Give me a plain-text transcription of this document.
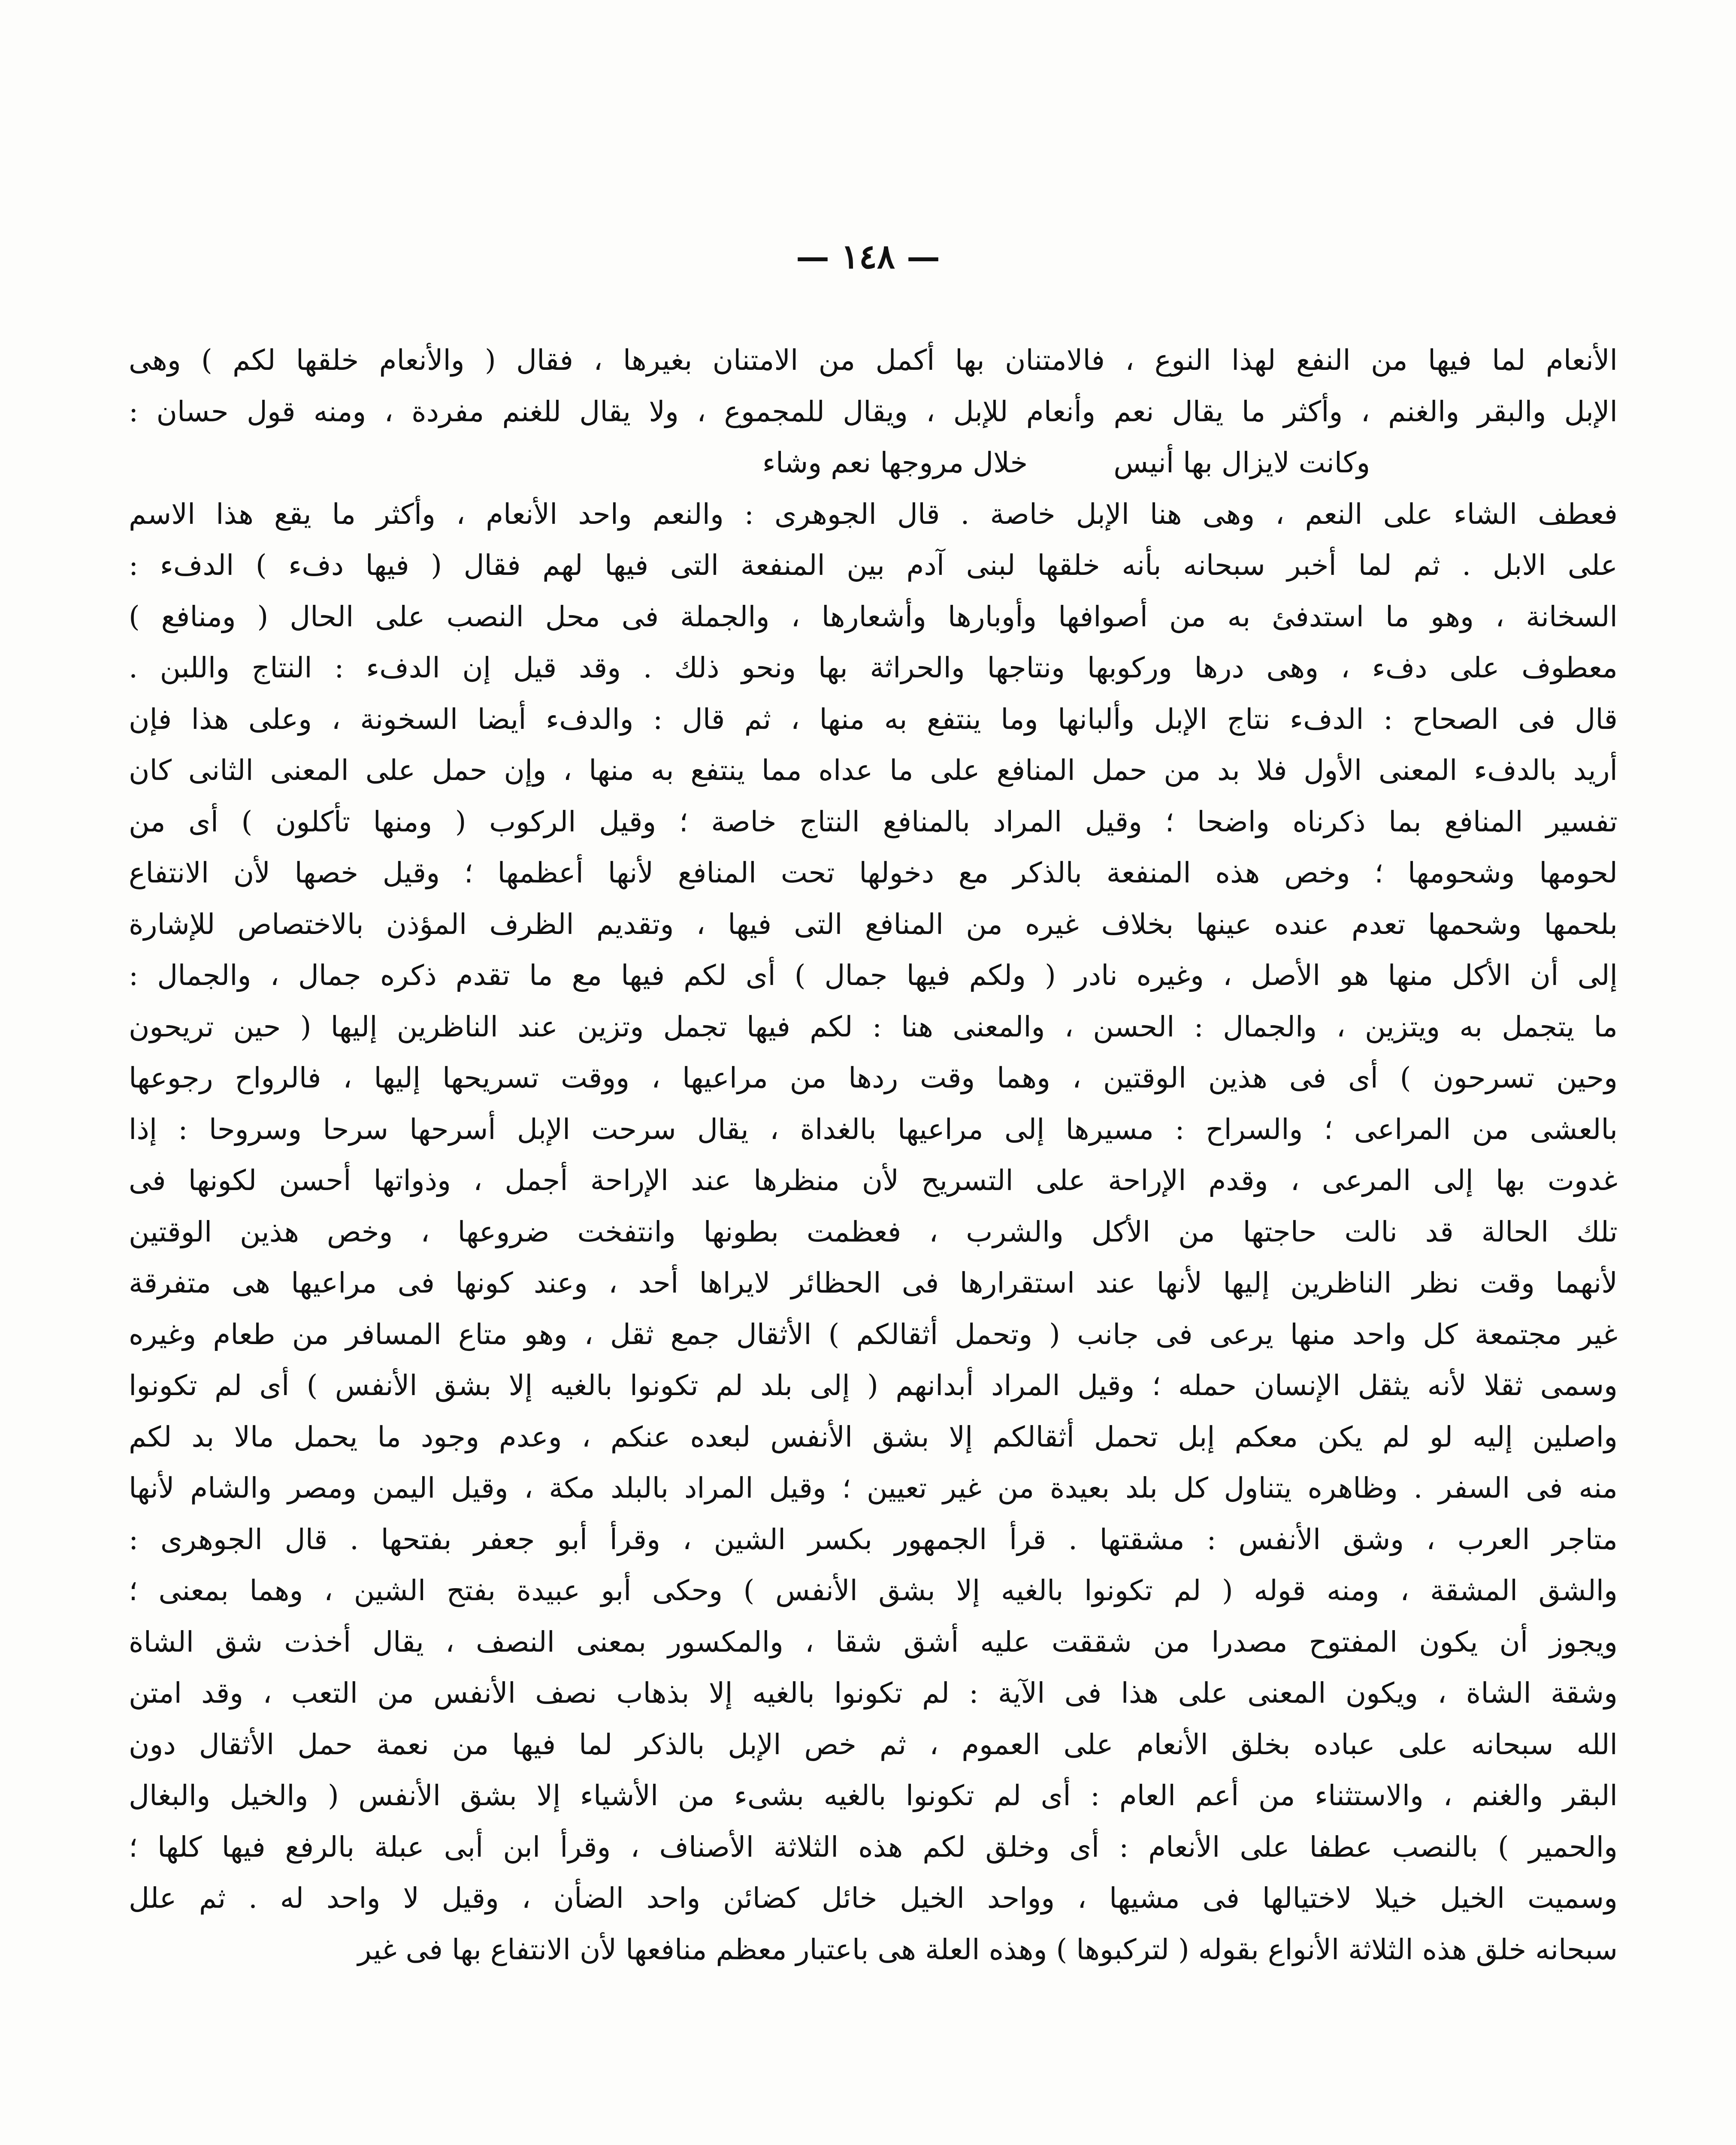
— ١٤٨ —
الأنعام لما فيها من النفع لهذا النوع ، فالامتنان بها أكمل من الامتنان بغيرها ، فقال ( والأنعام خلقها لكم ) وهى
الإبل والبقر والغنم ، وأكثر ما يقال نعم وأنعام للإبل ، ويقال للمجموع ، ولا يقال للغنم مفردة ، ومنه قول حسان :
وكانت لايزال بها أنيس
خلال مروجها نعم وشاء
فعطف الشاء على النعم ، وهى هنا الإبل خاصة . قال الجوهرى : والنعم واحد الأنعام ، وأكثر ما يقع هذا الاسم
على الابل . ثم لما أخبر سبحانه بأنه خلقها لبنى آدم بين المنفعة التى فيها لهم فقال ( فيها دفء ) الدفء :
السخانة ، وهو ما استدفئ به من أصوافها وأوبارها وأشعارها ، والجملة فى محل النصب على الحال ( ومنافع )
معطوف على دفء ، وهى درها وركوبها ونتاجها والحراثة بها ونحو ذلك . وقد قيل إن الدفء : النتاج واللبن .
قال فى الصحاح : الدفء نتاج الإبل وألبانها وما ينتفع به منها ، ثم قال : والدفء أيضا السخونة ، وعلى هذا فإن
أريد بالدفء المعنى الأول فلا بد من حمل المنافع على ما عداه مما ينتفع به منها ، وإن حمل على المعنى الثانى كان
تفسير المنافع بما ذكرناه واضحا ؛ وقيل المراد بالمنافع النتاج خاصة ؛ وقيل الركوب ( ومنها تأكلون ) أى من
لحومها وشحومها ؛ وخص هذه المنفعة بالذكر مع دخولها تحت المنافع لأنها أعظمها ؛ وقيل خصها لأن الانتفاع
بلحمها وشحمها تعدم عنده عينها بخلاف غيره من المنافع التى فيها ، وتقديم الظرف المؤذن بالاختصاص للإشارة
إلى أن الأكل منها هو الأصل ، وغيره نادر ( ولكم فيها جمال ) أى لكم فيها مع ما تقدم ذكره جمال ، والجمال :
ما يتجمل به ويتزين ، والجمال : الحسن ، والمعنى هنا : لكم فيها تجمل وتزين عند الناظرين إليها ( حين تريحون
وحين تسرحون ) أى فى هذين الوقتين ، وهما وقت ردها من مراعيها ، ووقت تسريحها إليها ، فالرواح رجوعها
بالعشى من المراعى ؛ والسراح : مسيرها إلى مراعيها بالغداة ، يقال سرحت الإبل أسرحها سرحا وسروحا : إذا
غدوت بها إلى المرعى ، وقدم الإراحة على التسريح لأن منظرها عند الإراحة أجمل ، وذواتها أحسن لكونها فى
تلك الحالة قد نالت حاجتها من الأكل والشرب ، فعظمت بطونها وانتفخت ضروعها ، وخص هذين الوقتين
لأنهما وقت نظر الناظرين إليها لأنها عند استقرارها فى الحظائر لايراها أحد ، وعند كونها فى مراعيها هى متفرقة
غير مجتمعة كل واحد منها يرعى فى جانب ( وتحمل أثقالكم ) الأثقال جمع ثقل ، وهو متاع المسافر من طعام وغيره
وسمى ثقلا لأنه يثقل الإنسان حمله ؛ وقيل المراد أبدانهم ( إلى بلد لم تكونوا بالغيه إلا بشق الأنفس ) أى لم تكونوا
واصلين إليه لو لم يكن معكم إبل تحمل أثقالكم إلا بشق الأنفس لبعده عنكم ، وعدم وجود ما يحمل مالا بد لكم
منه فى السفر . وظاهره يتناول كل بلد بعيدة من غير تعيين ؛ وقيل المراد بالبلد مكة ، وقيل اليمن ومصر والشام لأنها
متاجر العرب ، وشق الأنفس : مشقتها . قرأ الجمهور بكسر الشين ، وقرأ أبو جعفر بفتحها . قال الجوهرى :
والشق المشقة ، ومنه قوله ( لم تكونوا بالغيه إلا بشق الأنفس ) وحكى أبو عبيدة بفتح الشين ، وهما بمعنى ؛
ويجوز أن يكون المفتوح مصدرا من شققت عليه أشق شقا ، والمكسور بمعنى النصف ، يقال أخذت شق الشاة
وشقة الشاة ، ويكون المعنى على هذا فى الآية : لم تكونوا بالغيه إلا بذهاب نصف الأنفس من التعب ، وقد امتن
الله سبحانه على عباده بخلق الأنعام على العموم ، ثم خص الإبل بالذكر لما فيها من نعمة حمل الأثقال دون
البقر والغنم ، والاستثناء من أعم العام : أى لم تكونوا بالغيه بشىء من الأشياء إلا بشق الأنفس ( والخيل والبغال
والحمير ) بالنصب عطفا على الأنعام : أى وخلق لكم هذه الثلاثة الأصناف ، وقرأ ابن أبى عبلة بالرفع فيها كلها ؛
وسميت الخيل خيلا لاختيالها فى مشيها ، وواحد الخيل خائل كضائن واحد الضأن ، وقيل لا واحد له . ثم علل
سبحانه خلق هذه الثلاثة الأنواع بقوله ( لتركبوها ) وهذه العلة هى باعتبار معظم منافعها لأن الانتفاع بها فى غير
